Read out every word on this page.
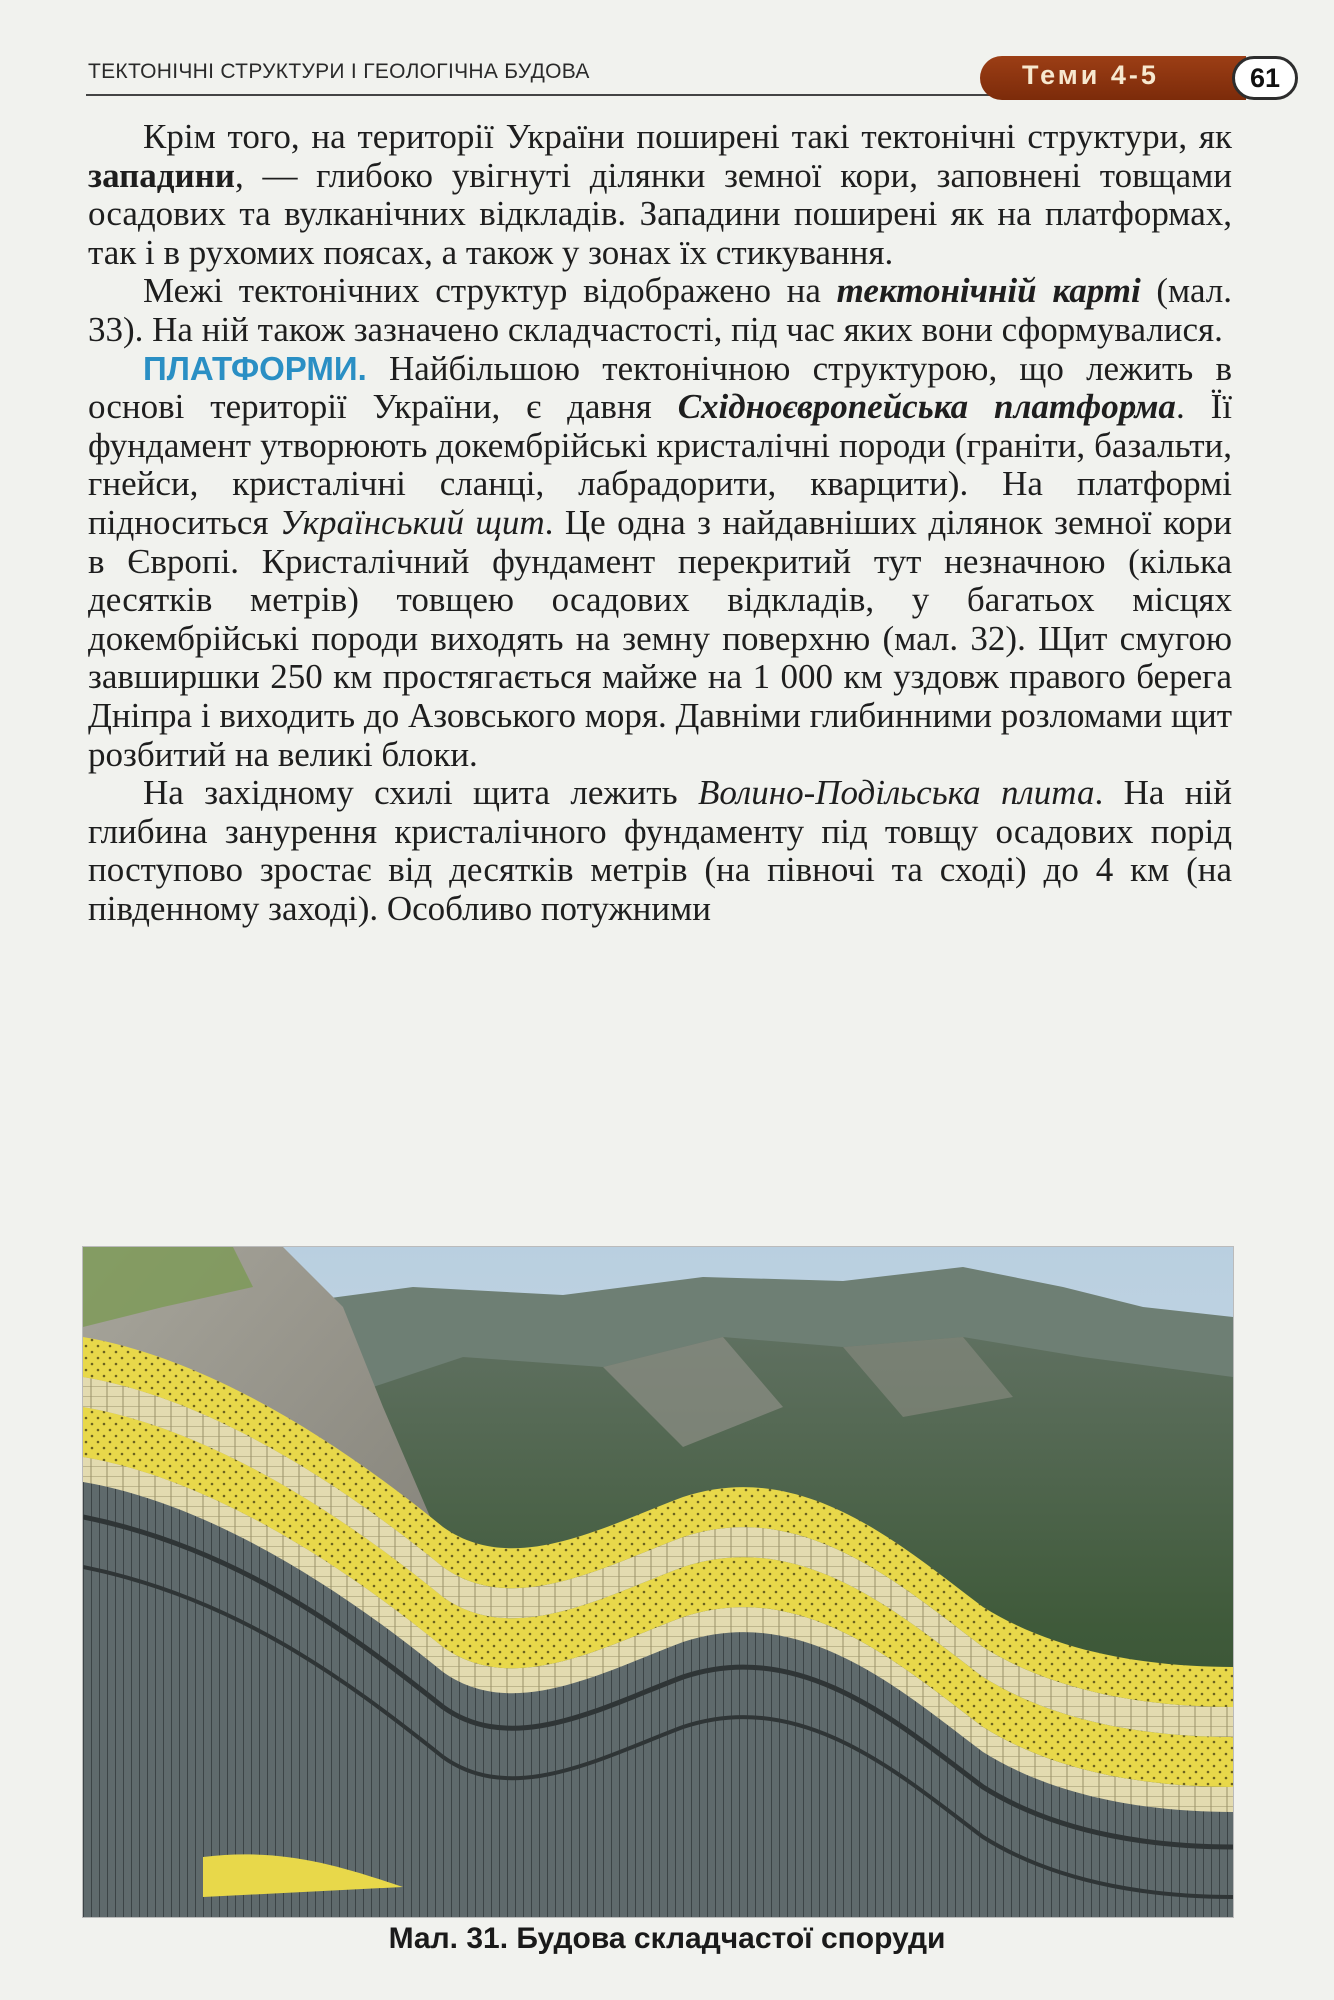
ТЕКТОНІЧНІ СТРУКТУРИ І ГЕОЛОГІЧНА БУДОВА	Теми 4-5	61

Крім того, на території України поширені такі тектонічні структури, як западини, — глибоко увігнуті ділянки земної кори, заповнені товщами осадових та вулканічних відкладів. Западини поширені як на платформах, так і в рухомих поясах, а також у зонах їх стикування.

Межі тектонічних структур відображено на тектонічній карті (мал. 33). На ній також зазначено складчастості, під час яких вони сформувалися.

ПЛАТФОРМИ. Найбільшою тектонічною структурою, що лежить в основі території України, є давня Східноєвропейська платформа. Її фундамент утворюють докембрійські кристалічні породи (граніти, базальти, гнейси, кристалічні сланці, лабрадорити, кварцити). На платформі підноситься Український щит. Це одна з найдавніших ділянок земної кори в Європі. Кристалічний фундамент перекритий тут незначною (кілька десятків метрів) товщею осадових відкладів, у багатьох місцях докембрійські породи виходять на земну поверхню (мал. 32). Щит смугою завширшки 250 км простягається майже на 1 000 км уздовж правого берега Дніпра і виходить до Азовського моря. Давніми глибинними розломами щит розбитий на великі блоки.

На західному схилі щита лежить Волино-Подільська плита. На ній глибина занурення кристалічного фундаменту під товщу осадових порід поступово зростає від десятків метрів (на півночі та сході) до 4 км (на південному заході). Особливо потужними

Мал. 31. Будова складчастої споруди
